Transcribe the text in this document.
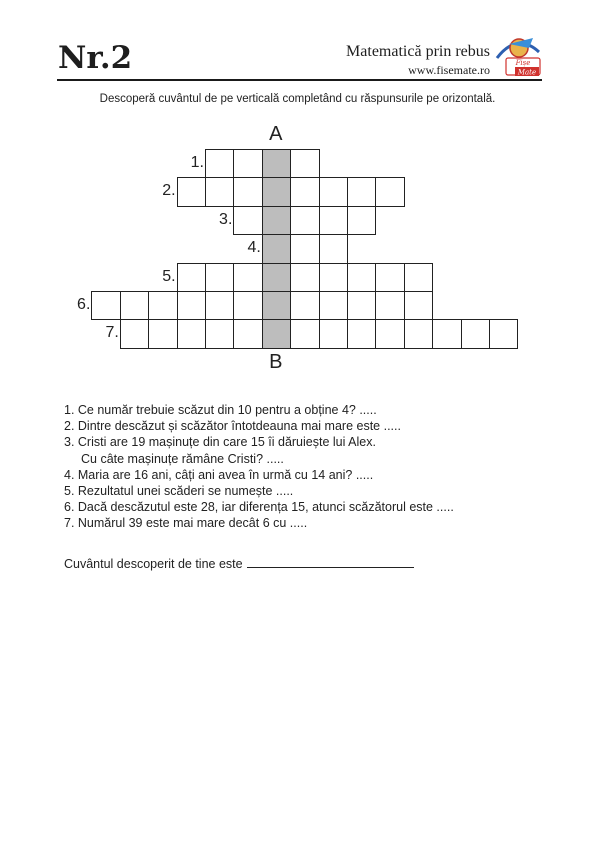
Nr.2	Matematică prin rebus
www.fisemate.ro	Fișe
Mate
Descoperă cuvântul de pe verticală completând cu răspunsurile pe orizontală.
A
B
1.
2.
3.
4.
5.
6.
7.
1. Ce număr trebuie scăzut din 10 pentru a obține 4? .....
2. Dintre descăzut și scăzător întotdeauna mai mare este .....
3. Cristi are 19 mașinuțe din care 15 îi dăruiește lui Alex.
Cu câte mașinuțe rămâne Cristi? .....
4. Maria are 16 ani, câți ani avea în urmă cu 14 ani? .....
5. Rezultatul unei scăderi se numește .....
6. Dacă descăzutul este 28, iar diferența 15, atunci scăzătorul este .....
7. Numărul 39 este mai mare decât 6 cu .....
Cuvântul descoperit de tine este
